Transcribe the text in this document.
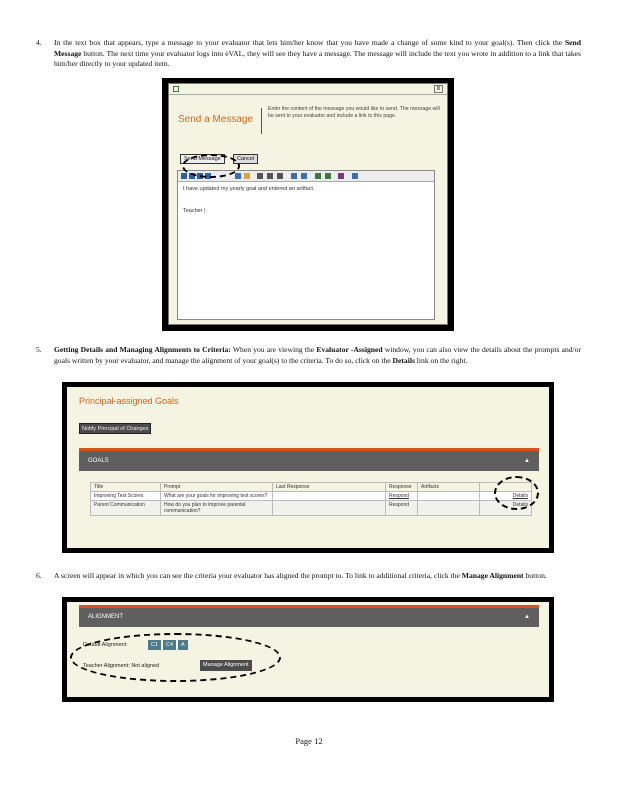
4. In the text box that appears, type a message to your evaluator that lets him/her know that you have made a change of some kind to your goal(s). Then click the Send Message button. The next time your evaluator logs into eVAL, they will see they have a message. The message will include the text you wrote in addition to a link that takes him/her directly to your updated item.
x
Send a Message
Enter the content of the message you would like to send. The message will be sent to your evaluator and include a link to this page.
Send Message	Cancel
I have updated my yearly goal and entered an artifact.
Teacher |
5. Getting Details and Managing Alignments to Criteria: When you are viewing the Evaluator -Assigned window, you can also view the details about the prompts and/or goals written by your evaluator, and manage the alignment of your goal(s) to the criteria. To do so, click on the Details link on the right.
Principal-assigned Goals
Notify Principal of Changes
GOALS	▲
Title	Prompt	Last Response	Response	Artifacts	
Improving Test Scores	What are your goals for improving test scores?		Respond		Details
Parent Communication	How do you plan to improve parental communication?		Respond		Details
6. A screen will appear in which you can see the criteria your evaluator has aligned the prompt to. To link to additional criteria, click the Manage Alignment button.
ALIGNMENT	▲
Default Alignment:	C1	C4	A
Teacher Alignment: Not aligned	Manage Alignment
Page 12
